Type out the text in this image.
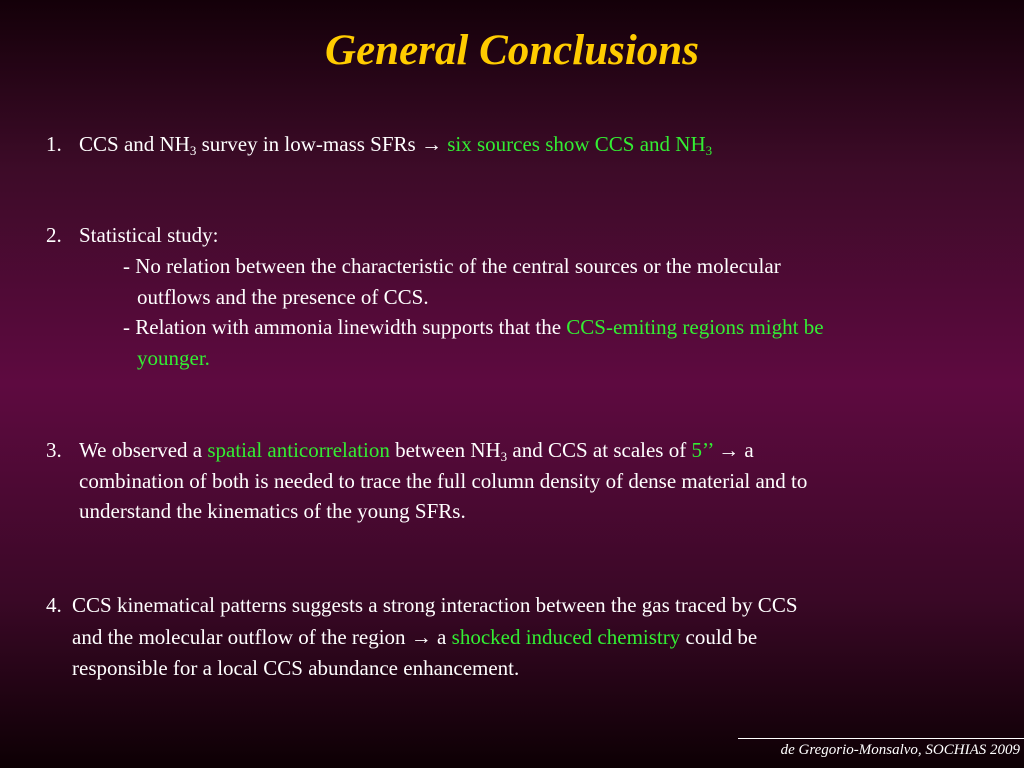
General Conclusions
1. CCS and $NH_3$ survey in low-mass SFRs → six sources show CCS and $NH_3$
2. Statistical study:
- No relation between the characteristic of the central sources or the molecular
outflows and the presence of CCS.
- Relation with ammonia linewidth supports that the CCS-emiting regions might be
younger.
3. We observed a spatial anticorrelation between $NH_3$ and CCS at scales of 5’’ → a
combination of both is needed to trace the full column density of dense material and to
understand the kinematics of the young SFRs.
4. CCS kinematical patterns suggests a strong interaction between the gas traced by CCS
and the molecular outflow of the region → a shocked induced chemistry could be
responsible for a local CCS abundance enhancement.
de Gregorio-Monsalvo, SOCHIAS 2009
